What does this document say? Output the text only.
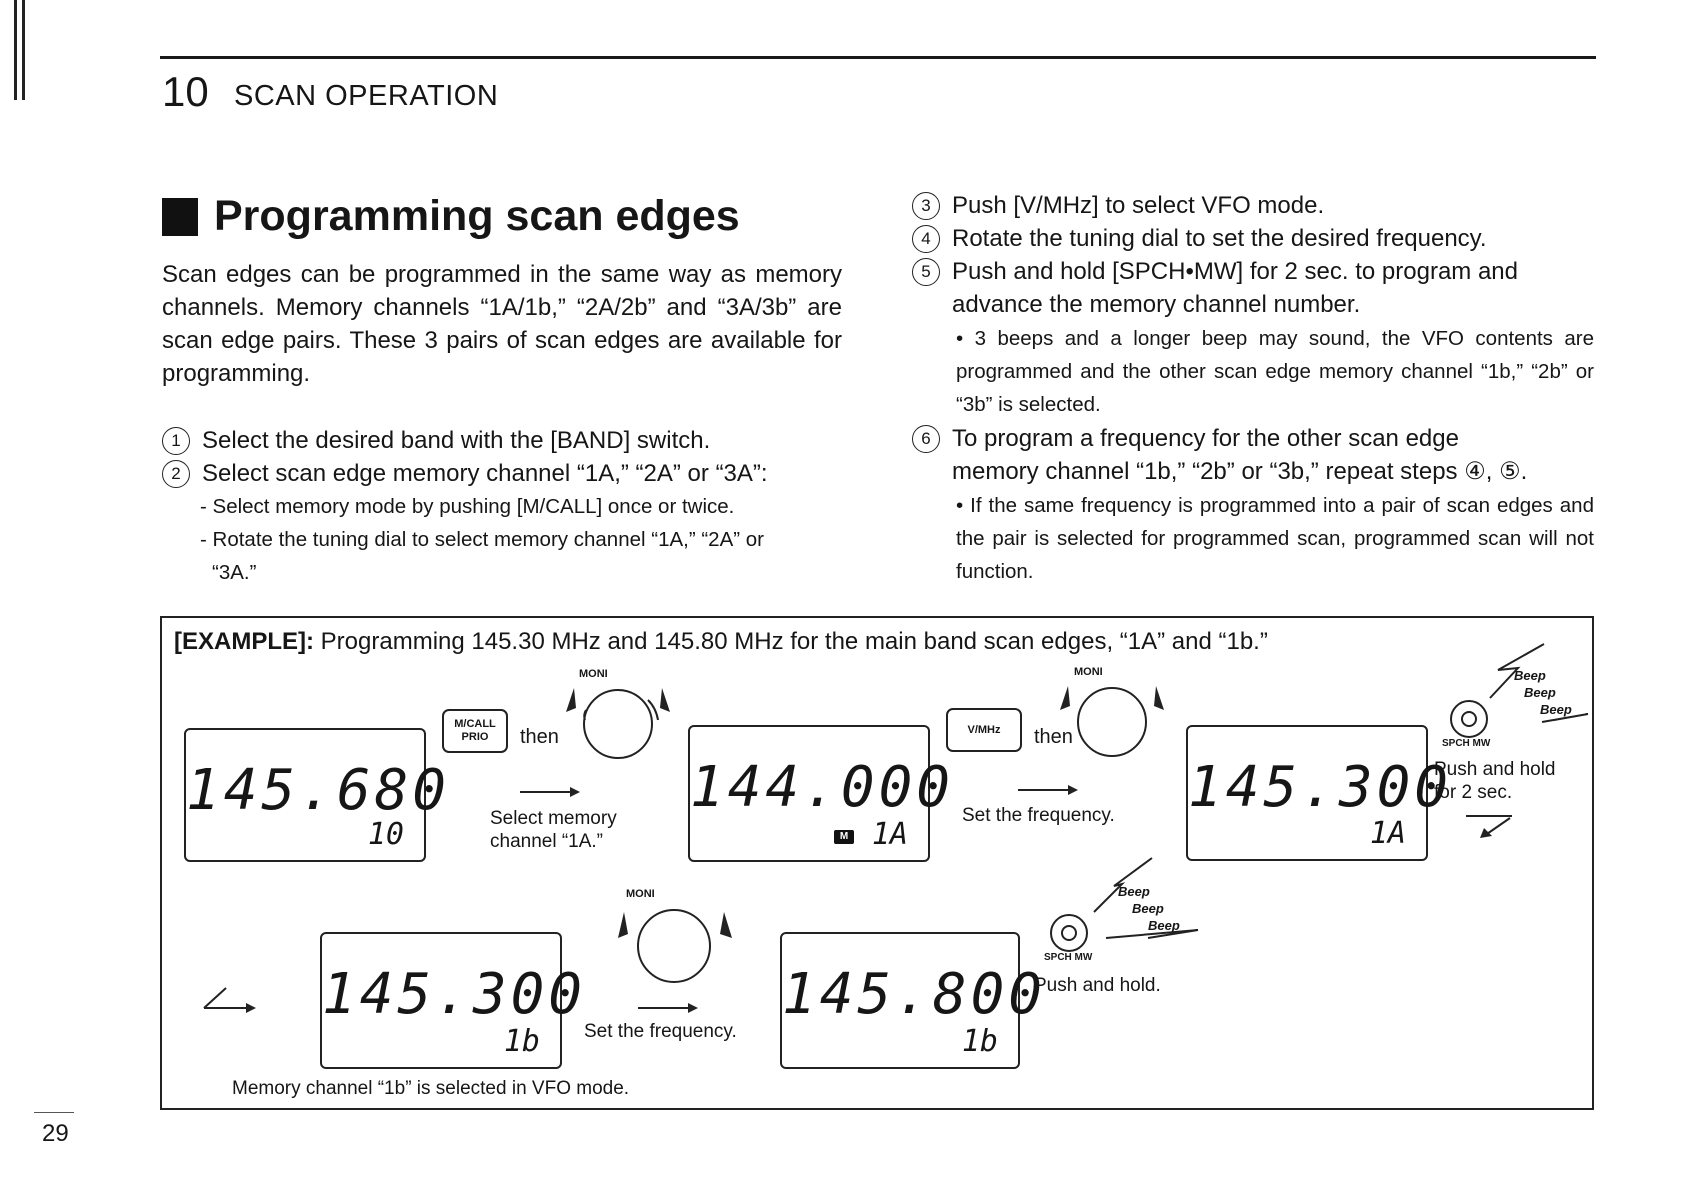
10 SCAN OPERATION
Programming scan edges
Scan edges can be programmed in the same way as memory channels. Memory channels “1A/1b,” “2A/2b” and “3A/3b” are scan edge pairs. These 3 pairs of scan edges are available for programming.
1 Select the desired band with the [BAND] switch.
2 Select scan edge memory channel “1A,” “2A” or “3A”:
- Select memory mode by pushing [M/CALL] once or twice.
- Rotate the tuning dial to select memory channel “1A,” “2A” or
“3A.”
3 Push [V/MHz] to select VFO mode.
4 Rotate the tuning dial to set the desired frequency.
5 Push and hold [SPCH•MW] for 2 sec. to program and
advance the memory channel number.
• 3 beeps and a longer beep may sound, the VFO contents are programmed and the other scan edge memory channel “1b,” “2b” or “3b” is selected.
6 To program a frequency for the other scan edge
memory channel “1b,” “2b” or “3b,” repeat steps ④, ⑤.
• If the same frequency is programmed into a pair of scan edges and the pair is selected for programmed scan, programmed scan will not function.
[EXAMPLE]: Programming 145.30 MHz and 145.80 MHz for the main band scan edges, “1A” and “1b.”
145.680
10
M/CALL
PRIO then
MONI
Select memory channel “1A.”
144.000
M 1A
V/MHz then
MONI
Set the frequency. 145.300
1A
Beep
Beep
Beep
SPCH MW
Push and hold for 2 sec.
145.300
1b
Memory channel “1b” is selected in VFO mode.
MONI
Set the frequency.
145.800
1b
Beep
Beep
Beep
SPCH MW
Push and hold.
29
